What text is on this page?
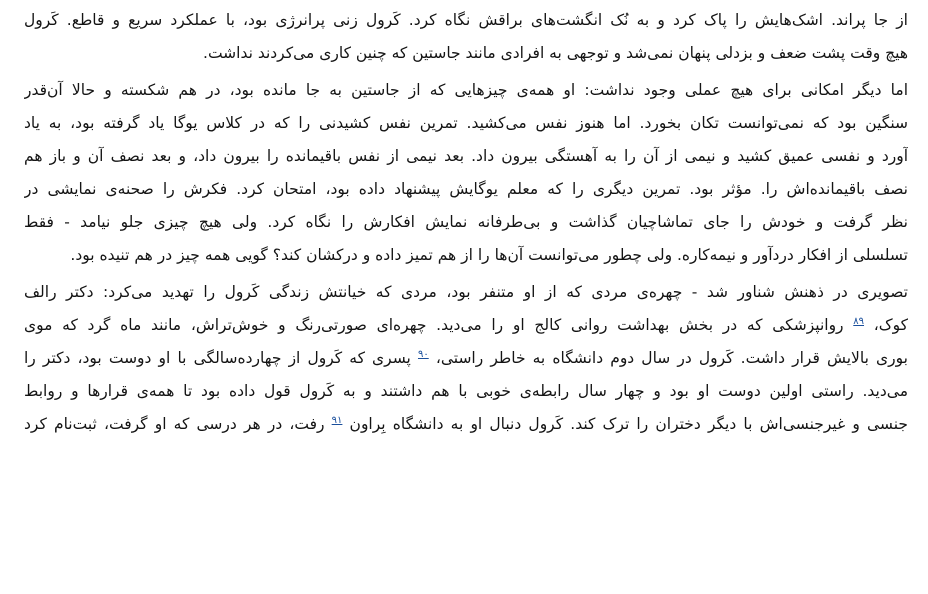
از جا پراند. اشک‌هایش را پاک کرد و به نُک انگشت‌های براقش نگاه کرد. کَرول زنی پرانرژی بود، با عملکرد سریع و قاطع. کَرول
هیچ وقت پشت ضعف و بزدلی پنهان نمی‌شد و توجهی به افرادی مانند جاستین که چنین کاری می‌کردند نداشت.
اما دیگر امکانی برای هیچ عملی وجود نداشت: او همه‌ی چیزهایی که از جاستین به جا مانده بود، در هم شکسته و حالا آن‌قدر
سنگین بود که نمی‌توانست تکان بخورد. اما هنوز نفس می‌کشید. تمرین نفس کشیدنی را که در کلاس یوگا یاد گرفته بود، به یاد
آورد و نفسی عمیق کشید و نیمی از آن را به آهستگی بیرون داد. بعد نیمی از نفس باقیمانده را بیرون داد، و بعد نصف آن و باز هم
نصف باقیمانده‌اش را. مؤثر بود. تمرین دیگری را که معلم یوگایش پیشنهاد داده بود، امتحان کرد. فکرش را صحنه‌ی نمایشی در
نظر گرفت و خودش را جای تماشاچیان گذاشت و بی‌طرفانه نمایش افکارش را نگاه کرد. ولی هیچ چیزی جلو نیامد - فقط
تسلسلی از افکار دردآور و نیمه‌کاره. ولی چطور می‌توانست آن‌ها را از هم تمیز داده و درکشان کند؟ گویی همه چیز در هم تنیده بود.
تصویری در ذهنش شناور شد - چهره‌ی مردی که از او متنفر بود، مردی که خیانتش زندگی کَرول را تهدید می‌کرد: دکتر رالف
کوک، $^{۸۹}$ روانپزشکی که در بخش بهداشت روانی کالج او را می‌دید. چهره‌ای صورتی‌رنگ و خوش‌تراش، مانند ماه گرد که موی
بوری بالایش قرار داشت. کَرول در سال دوم دانشگاه به خاطر راستی، $^{۹۰}$ پسری که کَرول از چهارده‌سالگی با او دوست بود، دکتر را
می‌دید. راستی اولین دوست او بود و چهار سال رابطه‌ی خوبی با هم داشتند و به کَرول قول داده بود تا همه‌ی قرارها و روابط
جنسی و غیرجنسی‌اش با دیگر دختران را ترک کند. کَرول دنبال او به دانشگاه بِراون $^{۹۱}$ رفت، در هر درسی که او گرفت، ثبت‌نام کرد
